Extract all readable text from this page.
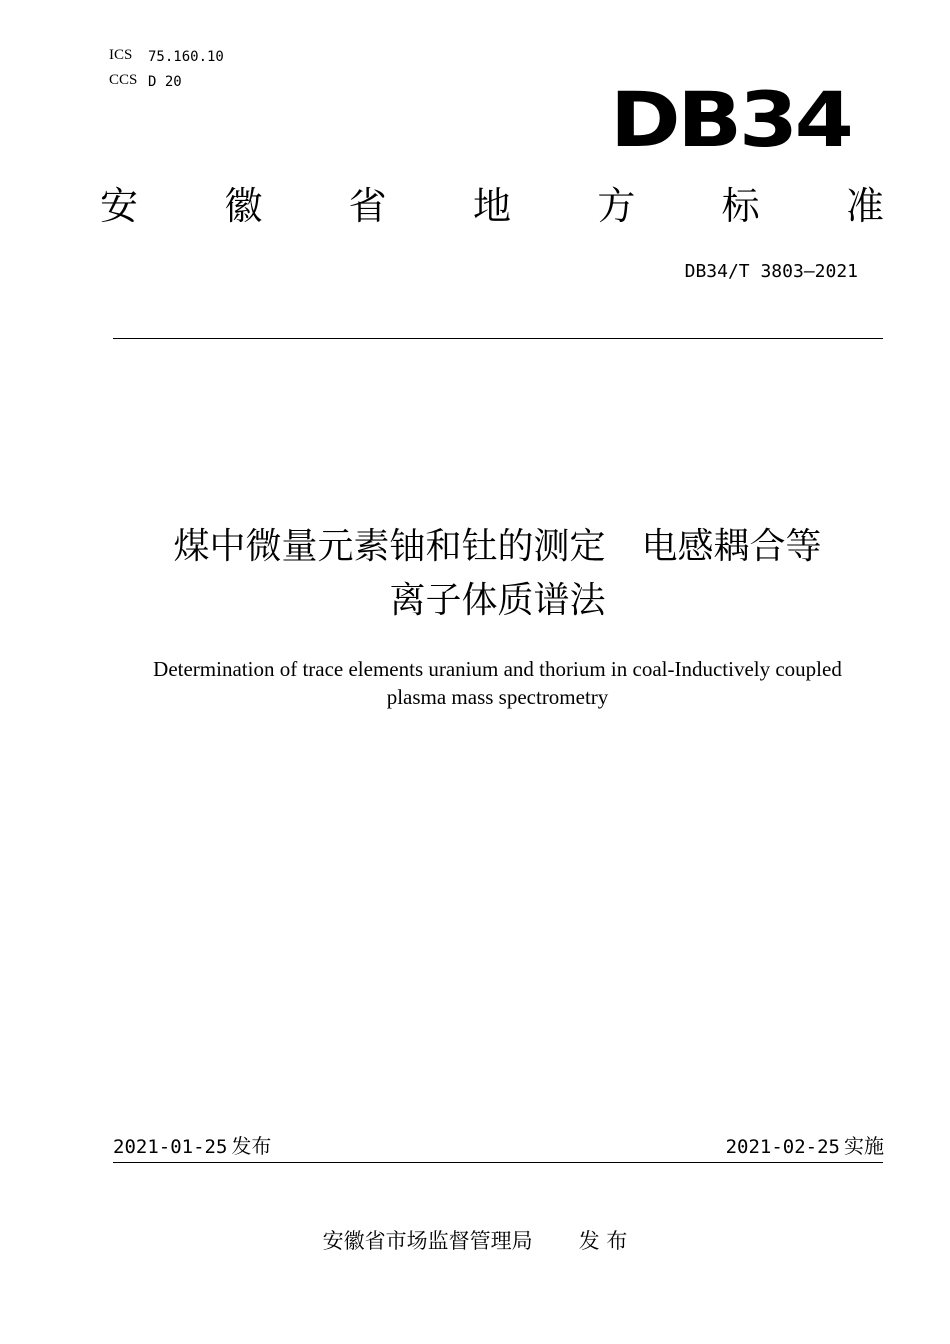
ICS 75.160.10
CCS D 20	DB34
安 徽 省 地 方 标 准
DB34/T 3803—2021
煤中微量元素铀和钍的测定 电感耦合等
离子体质谱法
Determination of trace elements uranium and thorium in coal-Inductively coupled
plasma mass spectrometry
2021-01-25 发布	2021-02-25 实施
安徽省市场监督管理局 发 布
